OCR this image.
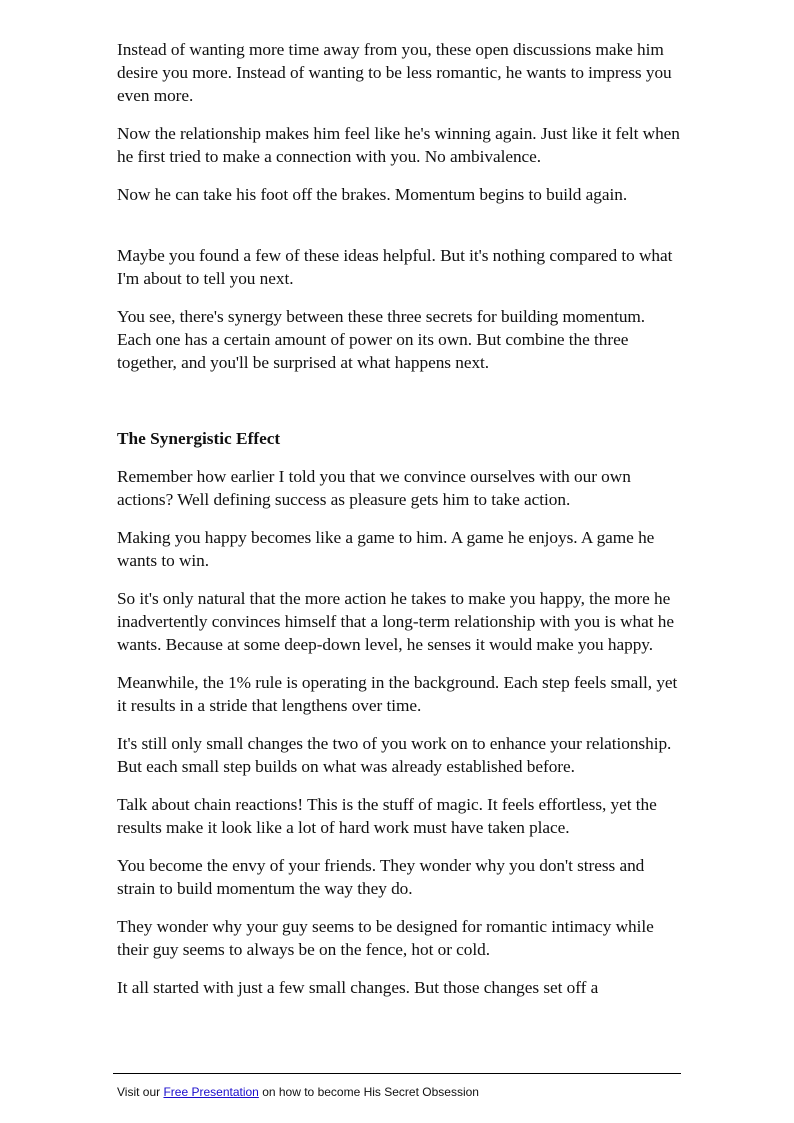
Instead of wanting more time away from you, these open discussions make him desire you more. Instead of wanting to be less romantic, he wants to impress you even more.

Now the relationship makes him feel like he's winning again. Just like it felt when he first tried to make a connection with you. No ambivalence.

Now he can take his foot off the brakes. Momentum begins to build again.

Maybe you found a few of these ideas helpful. But it's nothing compared to what I'm about to tell you next.

You see, there's synergy between these three secrets for building momentum. Each one has a certain amount of power on its own. But combine the three together, and you'll be surprised at what happens next.

The Synergistic Effect

Remember how earlier I told you that we convince ourselves with our own actions? Well defining success as pleasure gets him to take action.

Making you happy becomes like a game to him. A game he enjoys. A game he wants to win.

So it's only natural that the more action he takes to make you happy, the more he inadvertently convinces himself that a long-term relationship with you is what he wants. Because at some deep-down level, he senses it would make you happy.

Meanwhile, the 1% rule is operating in the background. Each step feels small, yet it results in a stride that lengthens over time.

It's still only small changes the two of you work on to enhance your relationship. But each small step builds on what was already established before.

Talk about chain reactions! This is the stuff of magic. It feels effortless, yet the results make it look like a lot of hard work must have taken place.

You become the envy of your friends. They wonder why you don't stress and strain to build momentum the way they do.

They wonder why your guy seems to be designed for romantic intimacy while their guy seems to always be on the fence, hot or cold.

It all started with just a few small changes. But those changes set off a

Visit our Free Presentation on how to become His Secret Obsession
